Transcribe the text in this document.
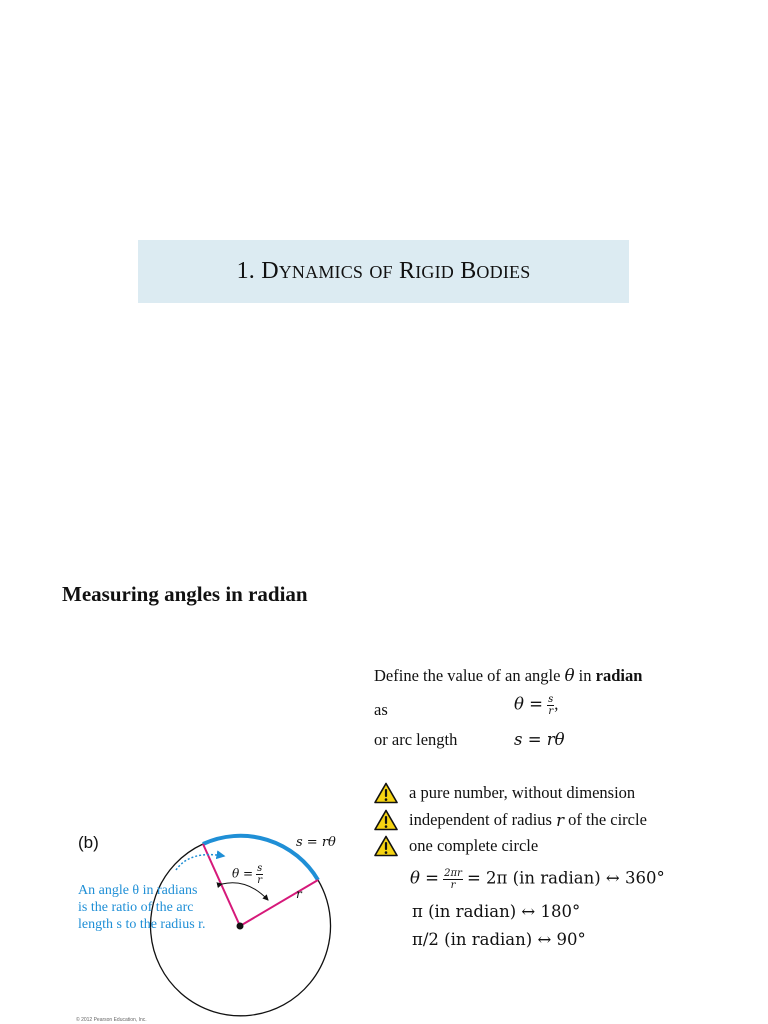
1. DYNAMICS OF RIGID BODIES
Measuring angles in radian
Define the value of an angle θ in radian
as	$\theta = \frac{s}{r}$ ,
or arc length	s = rθ
a pure number, without dimension
independent of radius
r
of the circle
one complete circle
$\theta = \frac{2\pi r}{r} = 2\pi$ (in radian) ↔ 360°
π (in radian) ↔ 180°
π/2 (in radian) ↔ 90°
(b)	s = rθ
$\theta = \frac{s}{r}$
r
An angle θ in radians
is the ratio of the arc
length s to the radius r.
© 2012 Pearson Education, Inc.
